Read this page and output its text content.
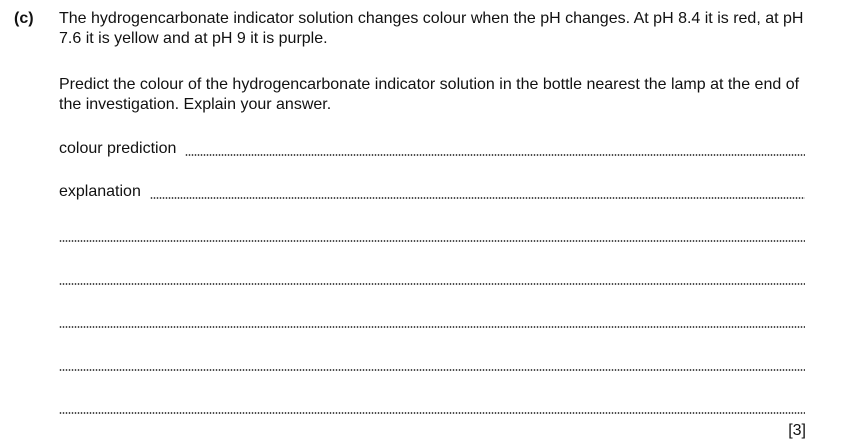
(c) The hydrogencarbonate indicator solution changes colour when the pH changes. At pH 8.4 it is red, at pH 7.6 it is yellow and at pH 9 it is purple.

Predict the colour of the hydrogencarbonate indicator solution in the bottle nearest the lamp at the end of the investigation. Explain your answer.

colour prediction
explanation
[3]
